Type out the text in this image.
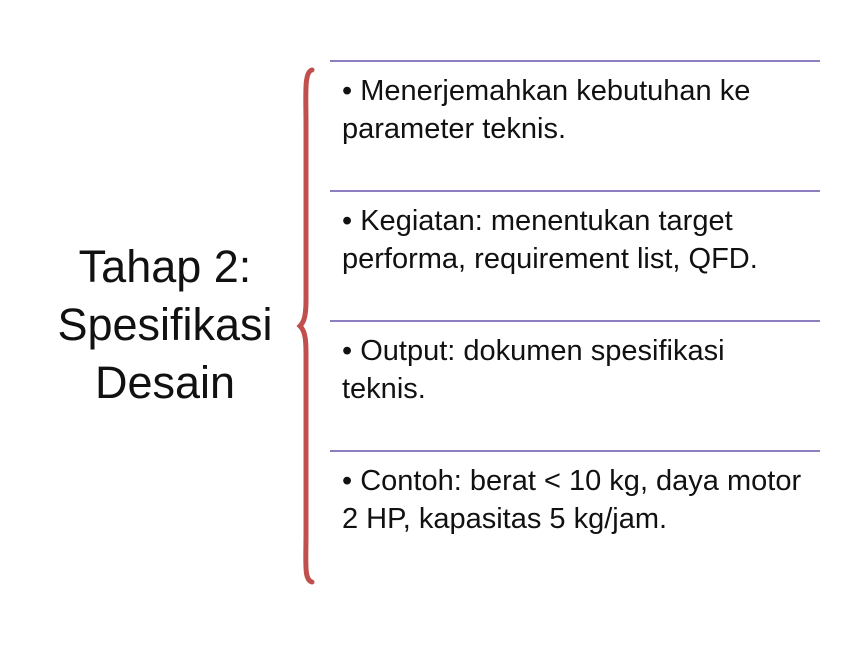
Tahap 2:
Spesifikasi
Desain
• Menerjemahkan kebutuhan ke parameter teknis.
• Kegiatan: menentukan target performa, requirement list, QFD.
• Output: dokumen spesifikasi teknis.
• Contoh: berat < 10 kg, daya motor 2 HP, kapasitas 5 kg/jam.
